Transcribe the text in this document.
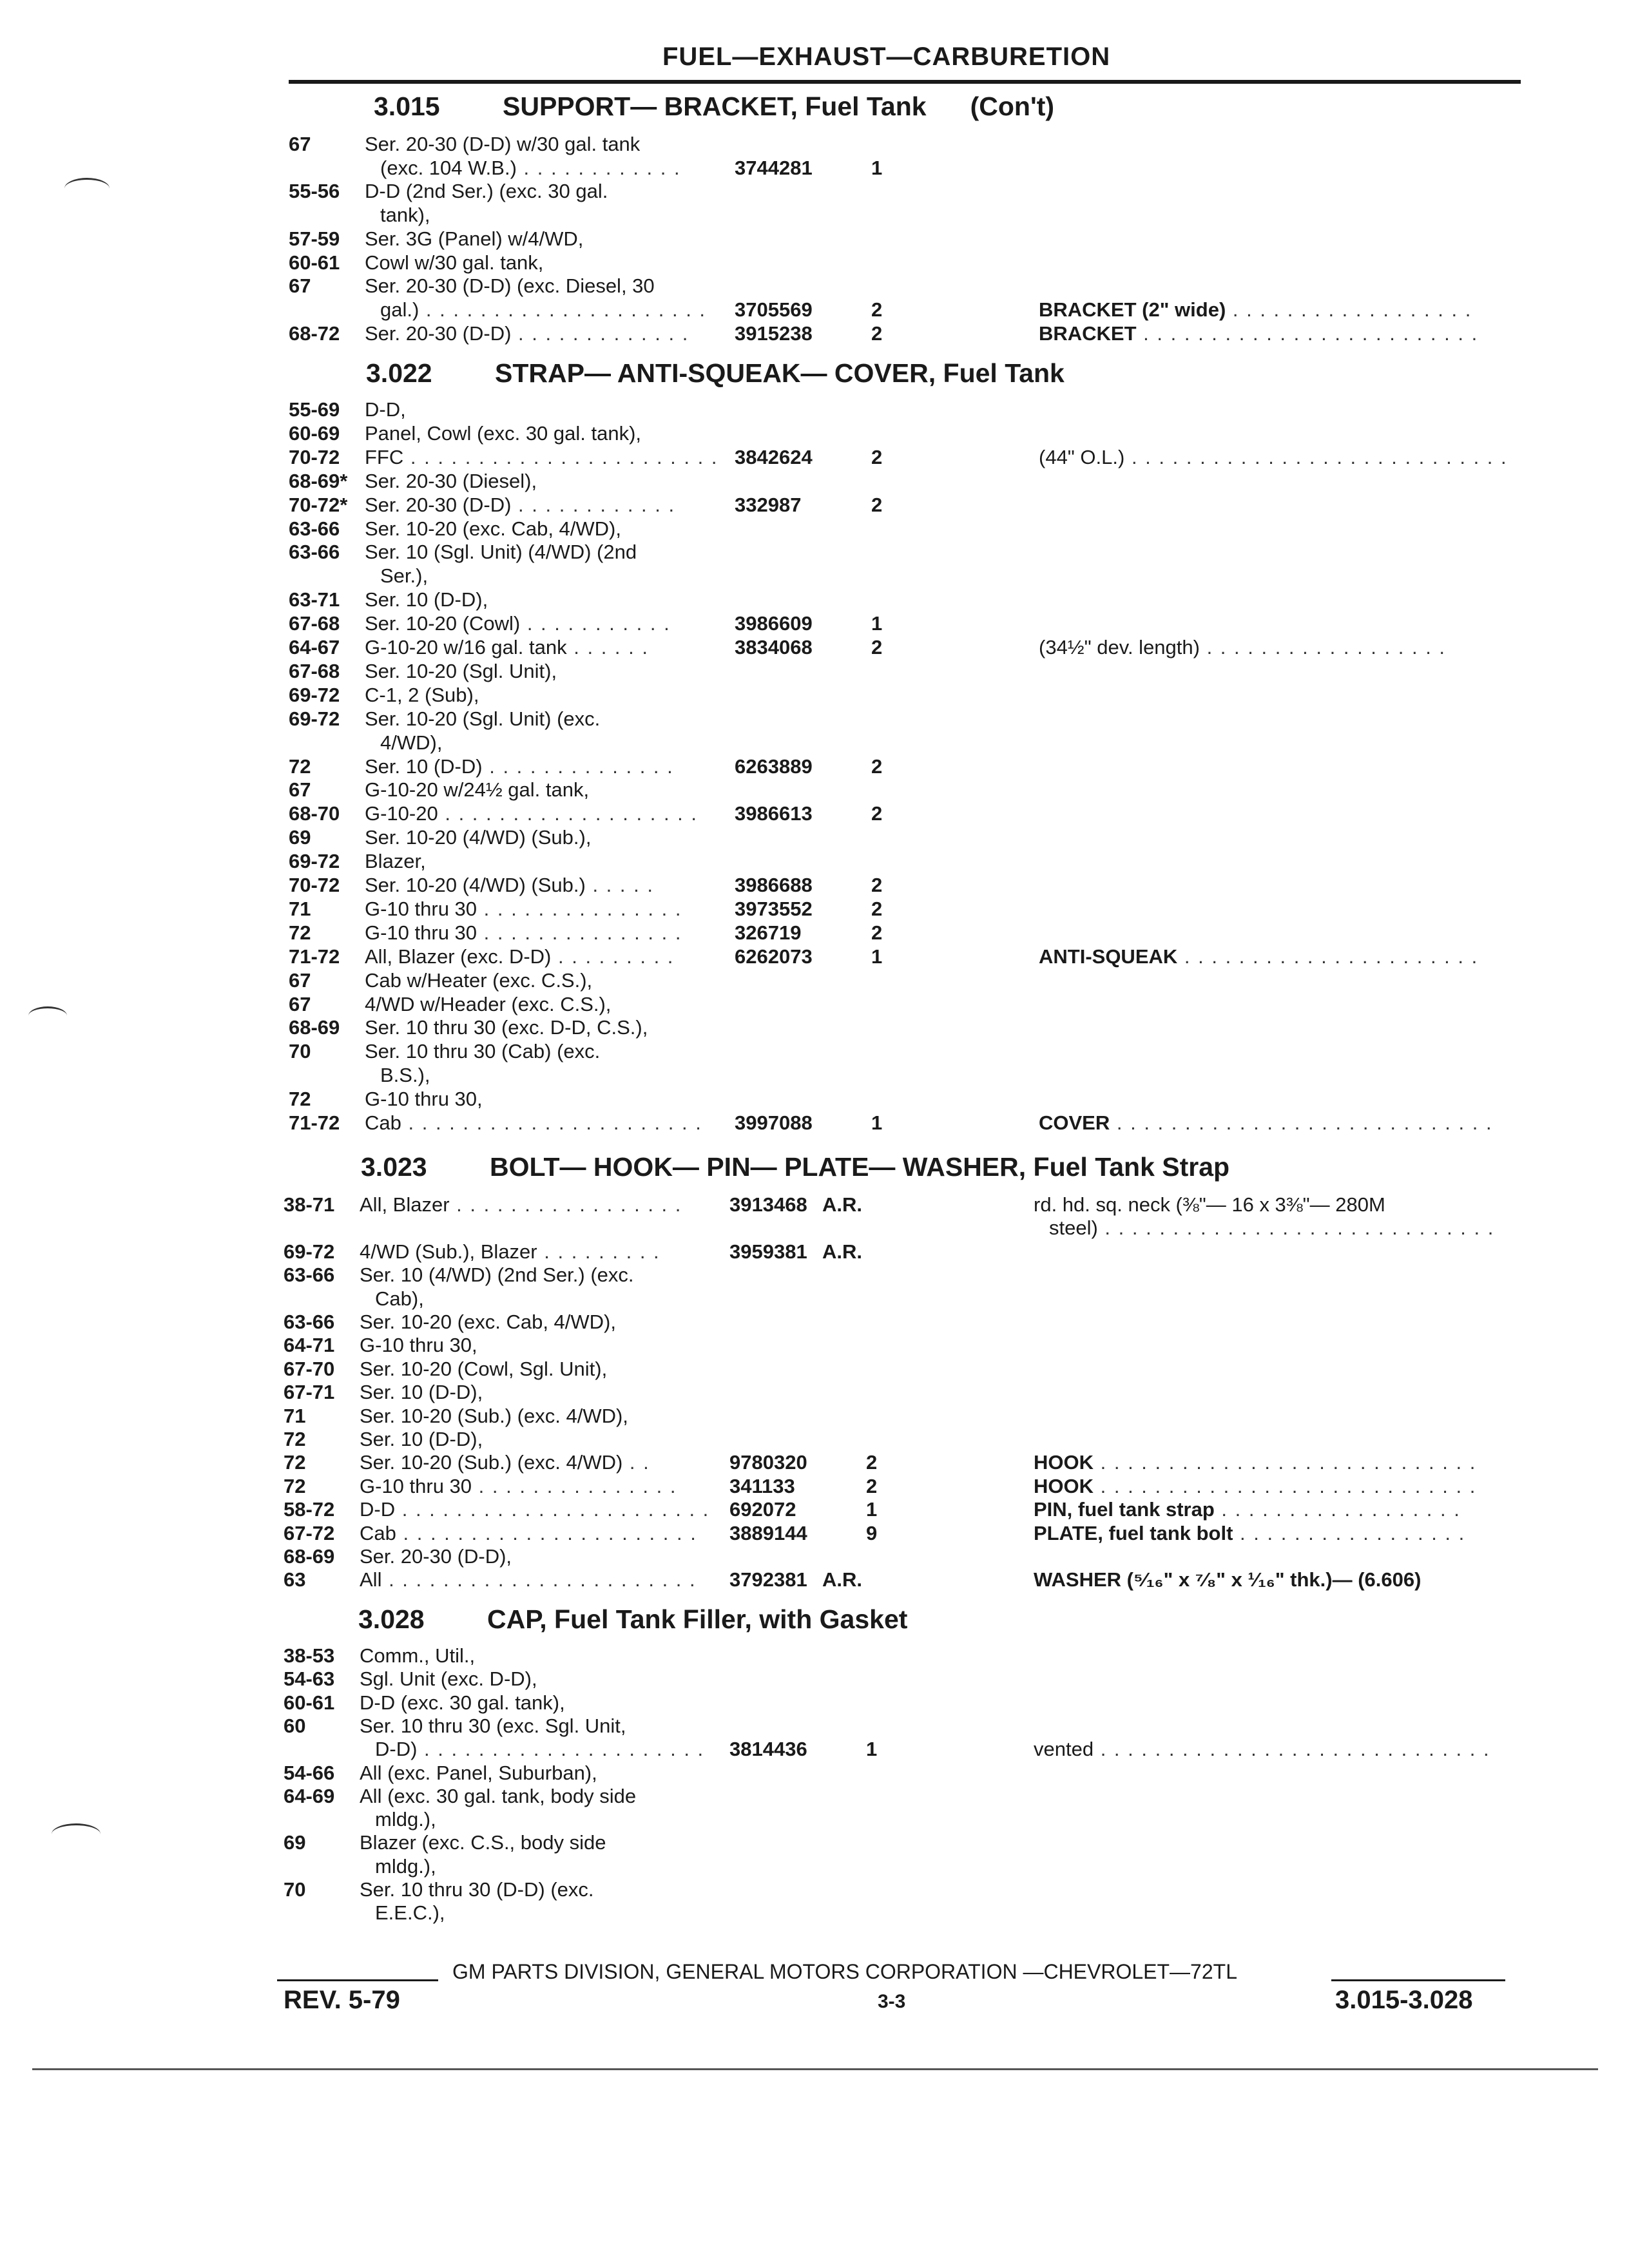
FUEL—EXHAUST—CARBURETION
3.015 SUPPORT— BRACKET, Fuel Tank (Con't)
67	Ser. 20-30 (D-D) w/30 gal. tank
(exc. 104 W.B.) . . . . . . . . . . . .	3744281	1
55-56	D-D (2nd Ser.) (exc. 30 gal.
tank),
57-59	Ser. 3G (Panel) w/4/WD,
60-61	Cowl w/30 gal. tank,
67	Ser. 20-30 (D-D) (exc. Diesel, 30
gal.) . . . . . . . . . . . . . . . . . . . . . 3705569	2	BRACKET (2" wide) . . . . . . . . . . . . . . . . . .
68-72	Ser. 20-30 (D-D) . . . . . . . . . . . . . 3915238	2	BRACKET . . . . . . . . . . . . . . . . . . . . . . . . .
3.022 STRAP— ANTI-SQUEAK— COVER, Fuel Tank
55-69	D-D,
60-69	Panel, Cowl (exc. 30 gal. tank),
70-72	FFC . . . . . . . . . . . . . . . . . . . . . . . 3842624	2	(44" O.L.) . . . . . . . . . . . . . . . . . . . . . . . . . . . .
68-69* Ser. 20-30 (Diesel),
70-72* Ser. 20-30 (D-D) . . . . . . . . . . . .	332987	2
63-66	Ser. 10-20 (exc. Cab, 4/WD),
63-66	Ser. 10 (Sgl. Unit) (4/WD) (2nd
Ser.),
63-71	Ser. 10 (D-D),
67-68	Ser. 10-20 (Cowl) . . . . . . . . . . .	3986609	1
64-67	G-10-20 w/16 gal. tank . . . . . .	3834068	2	(34½" dev. length) . . . . . . . . . . . . . . . . . .
67-68	Ser. 10-20 (Sgl. Unit),
69-72	C-1, 2 (Sub),
69-72	Ser. 10-20 (Sgl. Unit) (exc.
4/WD),
72	Ser. 10 (D-D) . . . . . . . . . . . . . .	6263889	2
67	G-10-20 w/24½ gal. tank,
68-70	G-10-20 . . . . . . . . . . . . . . . . . . . 3986613	2
69	Ser. 10-20 (4/WD) (Sub.),
69-72	Blazer,
70-72	Ser. 10-20 (4/WD) (Sub.) . . . . .	3986688	2
71	G-10 thru 30 . . . . . . . . . . . . . . .	3973552	2
72	G-10 thru 30 . . . . . . . . . . . . . . .	326719	2
71-72	All, Blazer (exc. D-D) . . . . . . . . .	6262073	1	ANTI-SQUEAK . . . . . . . . . . . . . . . . . . . . . .
67	Cab w/Heater (exc. C.S.),
67	4/WD w/Header (exc. C.S.),
68-69	Ser. 10 thru 30 (exc. D-D, C.S.),
70	Ser. 10 thru 30 (Cab) (exc.
B.S.),
72	G-10 thru 30,
71-72	Cab . . . . . . . . . . . . . . . . . . . . . . 3997088	1	COVER . . . . . . . . . . . . . . . . . . . . . . . . . . . .
3.023 BOLT— HOOK— PIN— PLATE— WASHER, Fuel Tank Strap
38-71	All, Blazer . . . . . . . . . . . . . . . . . 3913468 A.R.	rd. hd. sq. neck (⅜"— 16 x 3⅜"— 280M
steel) . . . . . . . . . . . . . . . . . . . . . . . . . . . . .
69-72	4/WD (Sub.), Blazer . . . . . . . . .	3959381 A.R.
63-66	Ser. 10 (4/WD) (2nd Ser.) (exc.
Cab),
63-66	Ser. 10-20 (exc. Cab, 4/WD),
64-71	G-10 thru 30,
67-70	Ser. 10-20 (Cowl, Sgl. Unit),
67-71	Ser. 10 (D-D),
71	Ser. 10-20 (Sub.) (exc. 4/WD),
72	Ser. 10 (D-D),
72	Ser. 10-20 (Sub.) (exc. 4/WD) . .	9780320	2	HOOK . . . . . . . . . . . . . . . . . . . . . . . . . . . .
72	G-10 thru 30 . . . . . . . . . . . . . . .	341133	2	HOOK . . . . . . . . . . . . . . . . . . . . . . . . . . . .
58-72	D-D . . . . . . . . . . . . . . . . . . . . . . . 692072	1	PIN, fuel tank strap . . . . . . . . . . . . . . . . . .
67-72	Cab . . . . . . . . . . . . . . . . . . . . . . 3889144	9	PLATE, fuel tank bolt . . . . . . . . . . . . . . . . .
68-69	Ser. 20-30 (D-D),
63	All . . . . . . . . . . . . . . . . . . . . . . . 3792381 A.R.	WASHER (⁵⁄₁₆" x ⁷⁄₈" x ¹⁄₁₆" thk.)— (6.606)
3.028 CAP, Fuel Tank Filler, with Gasket
38-53	Comm., Util.,
54-63	Sgl. Unit (exc. D-D),
60-61	D-D (exc. 30 gal. tank),
60	Ser. 10 thru 30 (exc. Sgl. Unit,
D-D) . . . . . . . . . . . . . . . . . . . . . 3814436	1	vented . . . . . . . . . . . . . . . . . . . . . . . . . . . . .
54-66	All (exc. Panel, Suburban),
64-69	All (exc. 30 gal. tank, body side
mldg.),
69	Blazer (exc. C.S., body side
mldg.),
70	Ser. 10 thru 30 (D-D) (exc.
E.E.C.),
GM PARTS DIVISION, GENERAL MOTORS CORPORATION —CHEVROLET—72TL
REV. 5-79	3-3	3.015-3.028
